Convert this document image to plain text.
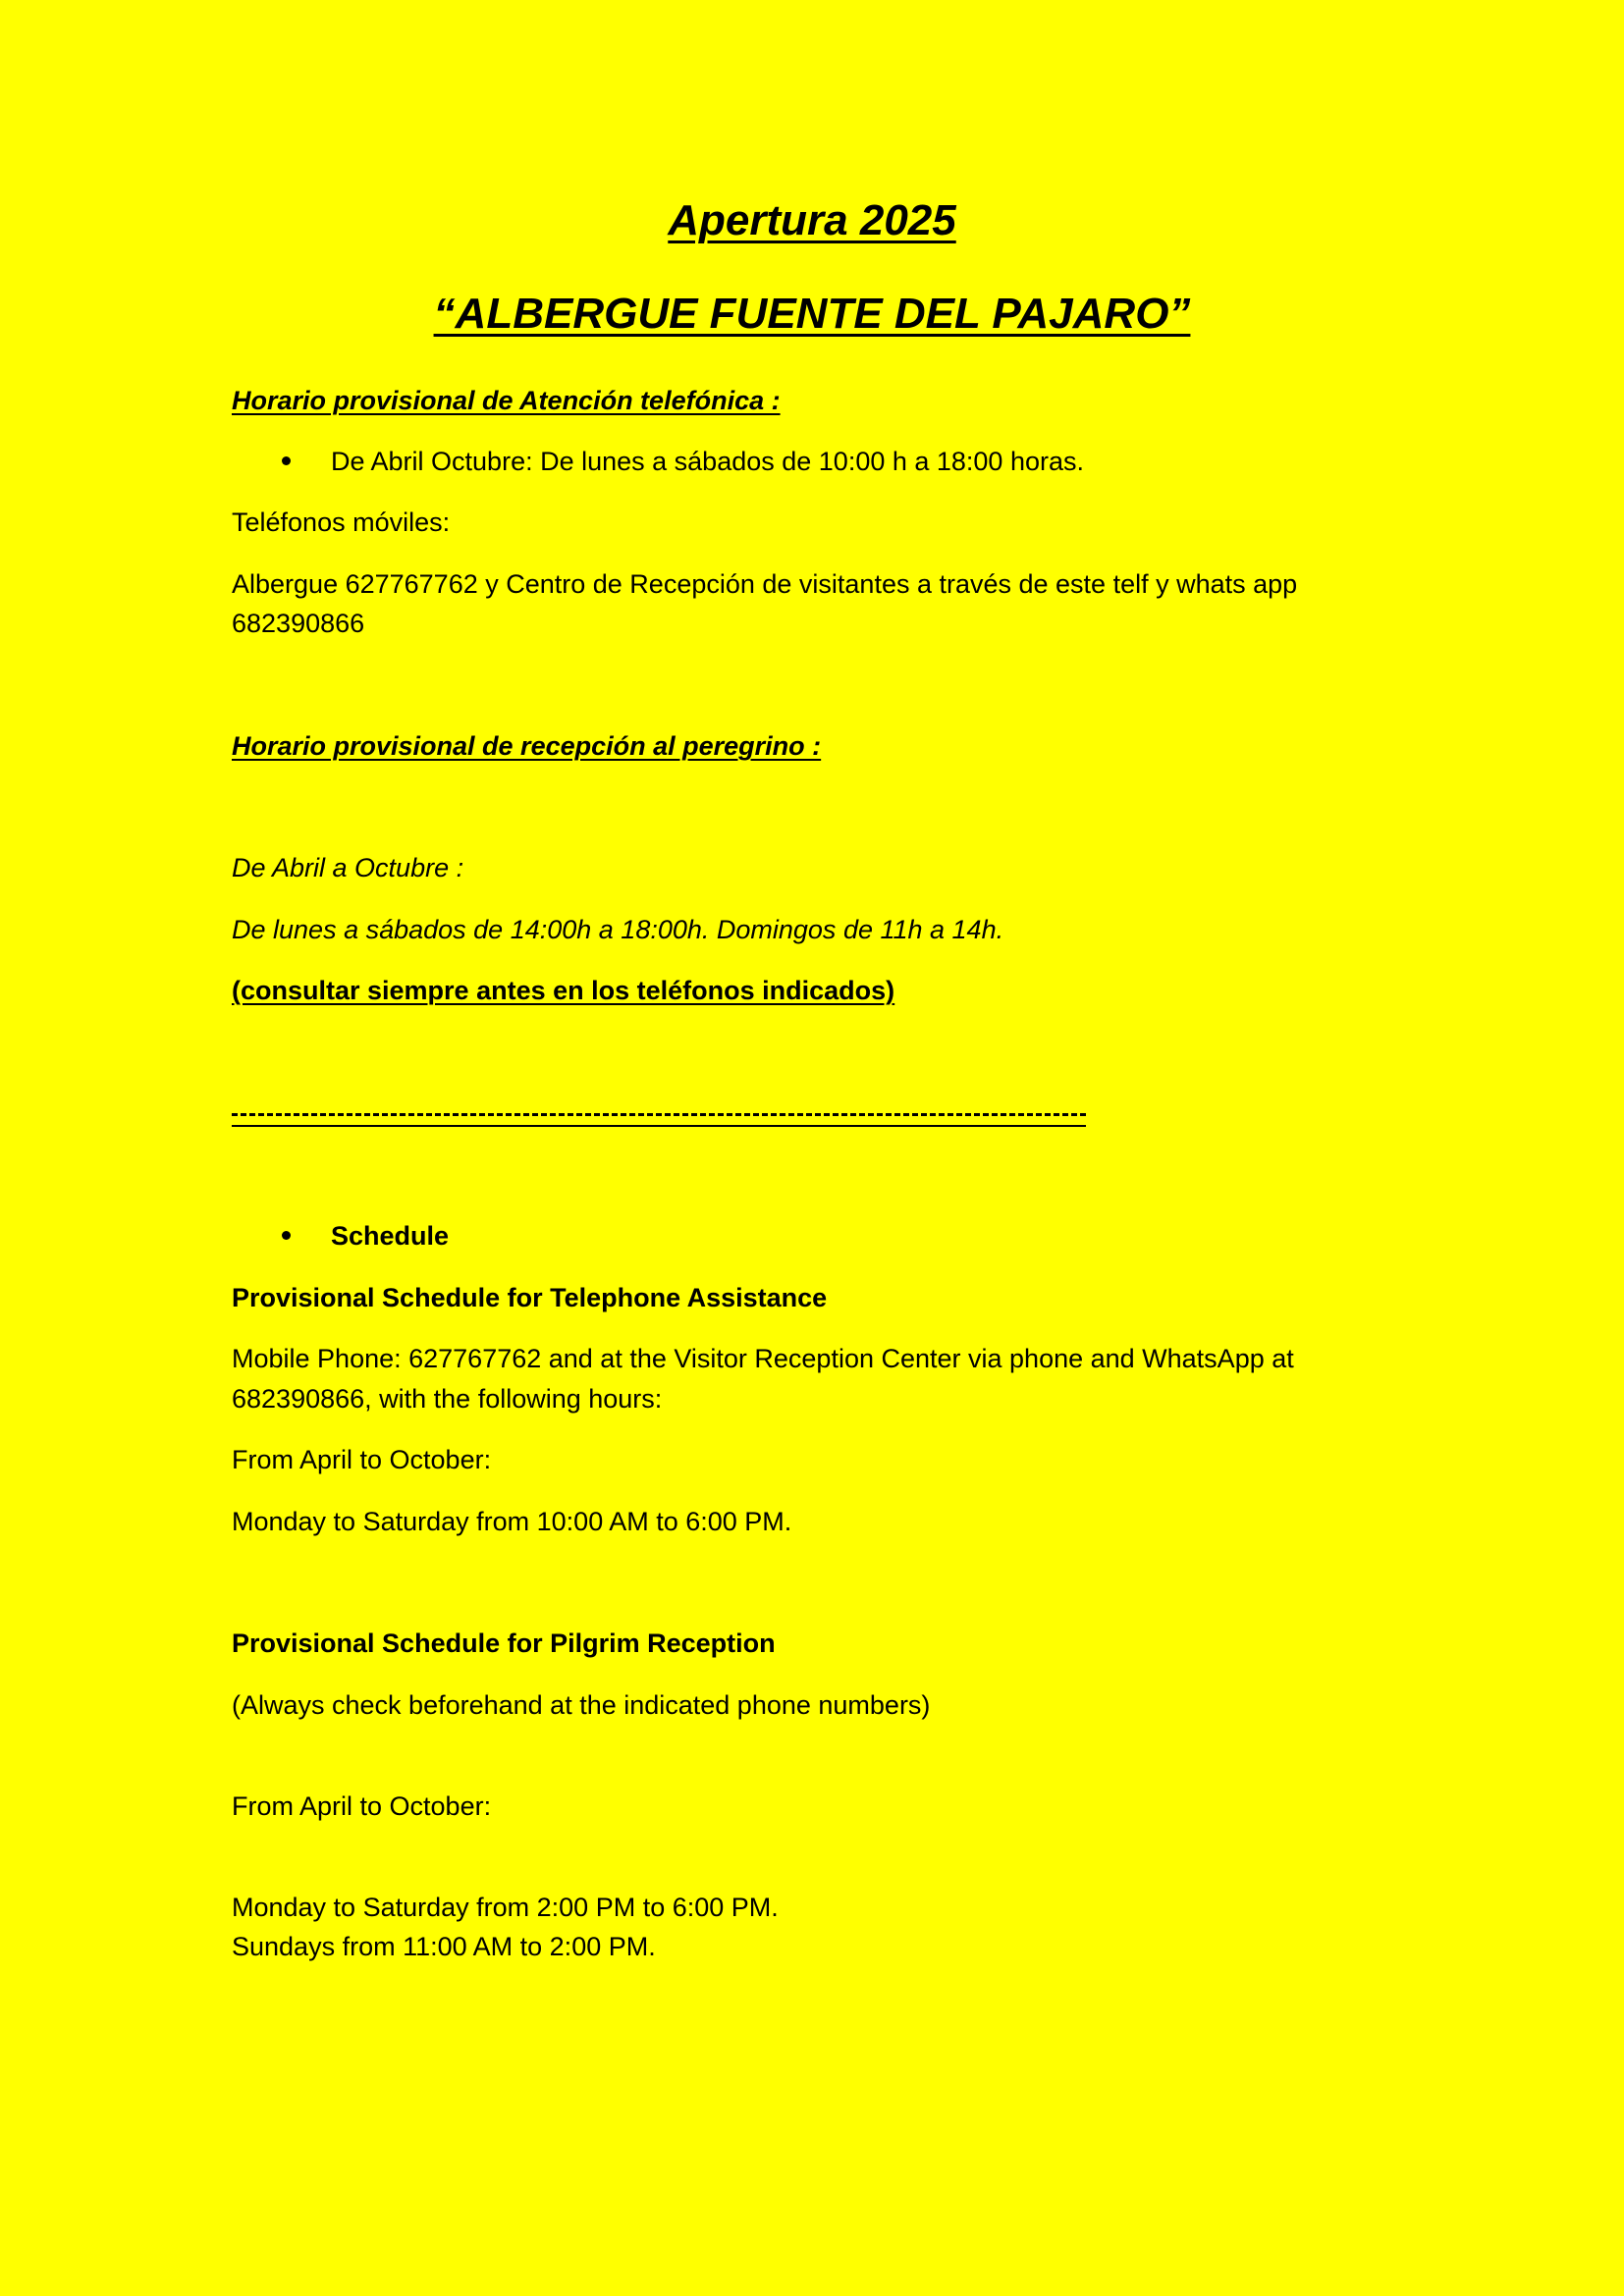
Apertura 2025
“ALBERGUE FUENTE DEL PAJARO”
Horario provisional de Atención telefónica :
De Abril Octubre: De lunes a sábados de 10:00 h a 18:00 horas.
Teléfonos móviles:
Albergue 627767762 y Centro de Recepción de visitantes a través de este telf y whats app
682390866
Horario provisional de recepción al peregrino :
De Abril a Octubre :
De lunes a sábados de 14:00h a 18:00h. Domingos de 11h a 14h.
(consultar siempre antes en los teléfonos indicados)
Schedule
Provisional Schedule for Telephone Assistance
Mobile Phone: 627767762 and at the Visitor Reception Center via phone and WhatsApp at
682390866, with the following hours:
From April to October:
Monday to Saturday from 10:00 AM to 6:00 PM.
Provisional Schedule for Pilgrim Reception
(Always check beforehand at the indicated phone numbers)
From April to October:
Monday to Saturday from 2:00 PM to 6:00 PM.
Sundays from 11:00 AM to 2:00 PM.
